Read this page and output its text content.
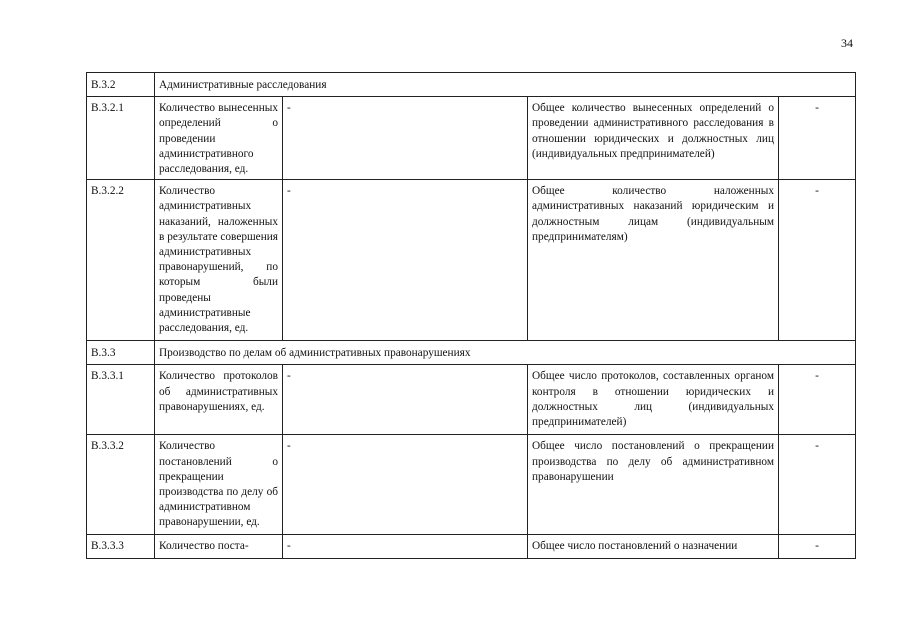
34
В.3.2	Административные расследования			
В.3.2.1	Количество вынесенных определений о проведении административного расследования, ед.	-	Общее количество вынесенных определений о проведении административного расследования в отношении юридических и должностных лиц (индивидуальных предпринимателей)	-
В.3.2.2	Количество административных наказаний, наложенных в результате совершения административных правонарушений, по которым были проведены административные расследования, ед.	-	Общее количество наложенных административных наказаний юридическим и должностным лицам (индивидуальным предпринимателям)	-
В.3.3	Производство по делам об административных правонарушениях			
В.3.3.1	Количество протоколов об административных правонарушениях, ед.	-	Общее число протоколов, составленных органом контроля в отношении юридических и должностных лиц (индивидуальных предпринимателей)	-
В.3.3.2	Количество постановлений о прекращении производства по делу об административном правонарушении, ед.	-	Общее число постановлений о прекращении производства по делу об административном правонарушении	-
В.3.3.3	Количество поста-	-	Общее число постановлений о назначении	-
